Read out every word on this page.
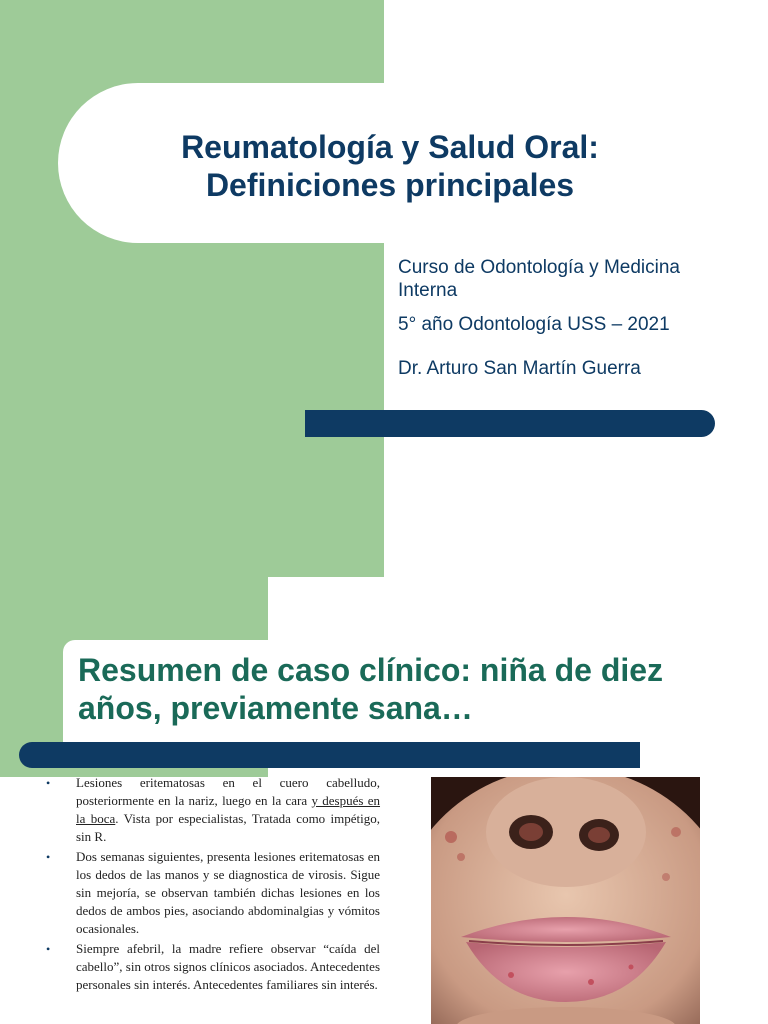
Reumatología y Salud Oral:
Definiciones principales
Curso de Odontología y Medicina
Interna
5° año Odontología USS – 2021
Dr. Arturo San Martín Guerra
Resumen de caso clínico: niña de diez
años, previamente sana…
• Lesiones eritematosas en el cuero cabelludo, posteriormente en la nariz, luego en la cara y después en la boca. Vista por especialistas, Tratada como impétigo, sin R.
• Dos semanas siguientes, presenta lesiones eritematosas en los dedos de las manos y se diagnostica de virosis. Sigue sin mejoría, se observan también dichas lesiones en los dedos de ambos pies, asociando abdominalgias y vómitos ocasionales.
• Siempre afebril, la madre refiere observar “caída del cabello”, sin otros signos clínicos asociados. Antecedentes personales sin interés. Antecedentes familiares sin interés.
